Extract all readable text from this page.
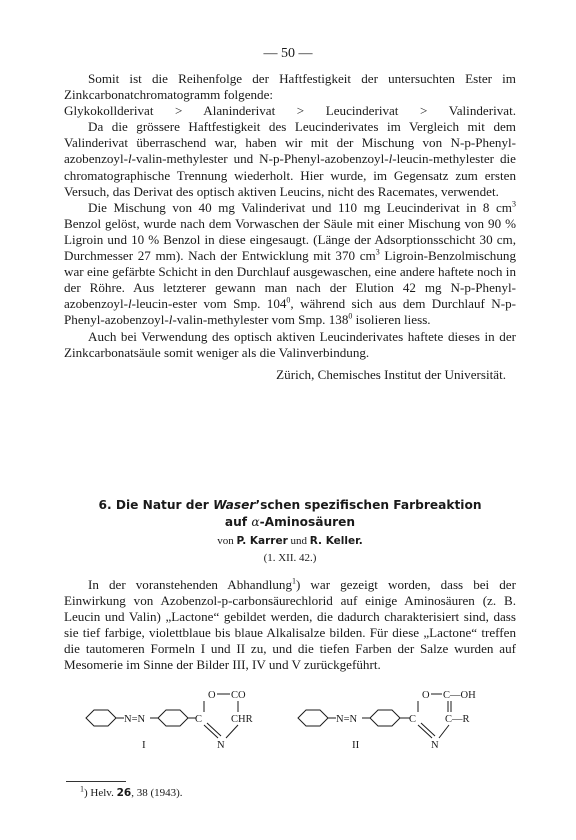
— 50 —

Somit ist die Reihenfolge der Haftfestigkeit der untersuchten Ester im Zinkcarbonatchromatogramm folgende:

Glykokollderivat > Alaninderivat > Leucinderivat > Valinderivat.

Da die grössere Haftfestigkeit des Leucinderivates im Vergleich mit dem Valinderivat überraschend war, haben wir mit der Mischung von N-p-Phenyl-azobenzoyl-l-valin-methylester und N-p-Phenyl-azobenzoyl-l-leucin-methylester die chromatographische Trennung wiederholt. Hier wurde, im Gegensatz zum ersten Versuch, das Derivat des optisch aktiven Leucins, nicht des Racemates, verwendet.

Die Mischung von 40 mg Valinderivat und 110 mg Leucinderivat in 8 $cm^3$ Benzol gelöst, wurde nach dem Vorwaschen der Säule mit einer Mischung von 90 % Ligroin und 10 % Benzol in diese eingesaugt. (Länge der Adsorptionsschicht 30 cm, Durchmesser 27 mm). Nach der Entwicklung mit 370 $cm^3$ Ligroin-Benzolmischung war eine gefärbte Schicht in den Durchlauf ausgewaschen, eine andere haftete noch in der Röhre. Aus letzterer gewann man nach der Elution 42 mg N-p-Phenyl-azobenzoyl-l-leucin-ester vom Smp. $104^0$, während sich aus dem Durchlauf N-p-Phenyl-azobenzoyl-l-valin-methylester vom Smp. $138^0$ isolieren liess.

Auch bei Verwendung des optisch aktiven Leucinderivates haftete dieses in der Zinkcarbonatsäule somit weniger als die Valinverbindung.

Zürich, Chemisches Institut der Universität.

6. Die Natur der Waser’schen spezifischen Farbreaktion
auf α-Aminosäuren
von P. Karrer und R. Keller.
(1. XII. 42.)

In der voranstehenden Abhandlung$^1$) war gezeigt worden, dass bei der Einwirkung von Azobenzol-p-carbonsäurechlorid auf einige Aminosäuren (z. B. Leucin und Valin) „Lactone“ gebildet werden, die dadurch charakterisiert sind, dass sie tief farbige, violettblaue bis blaue Alkalisalze bilden. Für diese „Lactone“ treffen die tautomeren Formeln I und II zu, und die tiefen Farben der Salze wurden auf Mesomerie im Sinne der Bilder III, IV und V zurückgeführt.

N=N	C
O CO
CHR
N
I
N=N	C
O C—OH
C—R
N
II
$^1$) Helv. 26, 38 (1943).
